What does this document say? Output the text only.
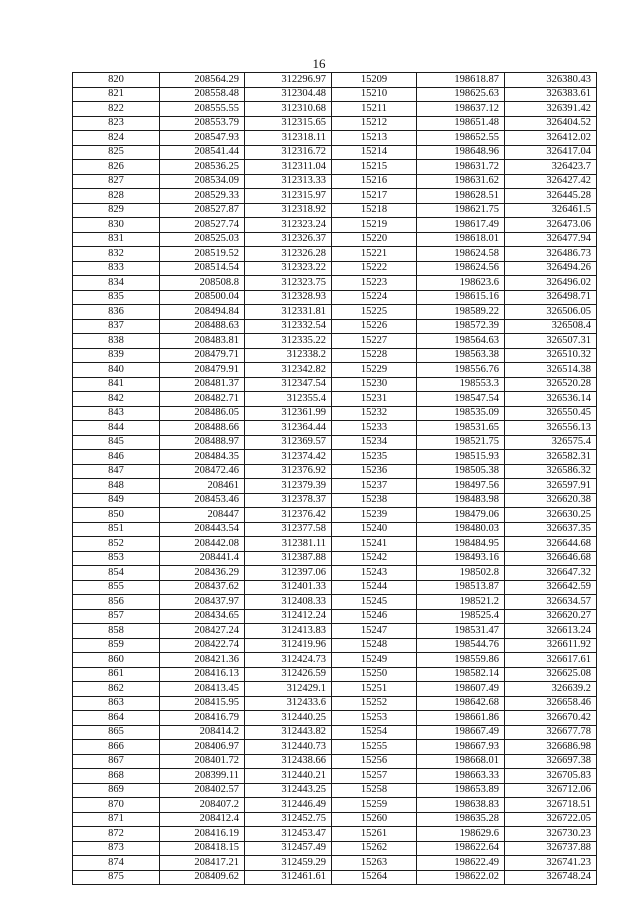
16
820	208564.29	312296.97	15209	198618.87	326380.43
821	208558.48	312304.48	15210	198625.63	326383.61
822	208555.55	312310.68	15211	198637.12	326391.42
823	208553.79	312315.65	15212	198651.48	326404.52
824	208547.93	312318.11	15213	198652.55	326412.02
825	208541.44	312316.72	15214	198648.96	326417.04
826	208536.25	312311.04	15215	198631.72	326423.7
827	208534.09	312313.33	15216	198631.62	326427.42
828	208529.33	312315.97	15217	198628.51	326445.28
829	208527.87	312318.92	15218	198621.75	326461.5
830	208527.74	312323.24	15219	198617.49	326473.06
831	208525.03	312326.37	15220	198618.01	326477.94
832	208519.52	312326.28	15221	198624.58	326486.73
833	208514.54	312323.22	15222	198624.56	326494.26
834	208508.8	312323.75	15223	198623.6	326496.02
835	208500.04	312328.93	15224	198615.16	326498.71
836	208494.84	312331.81	15225	198589.22	326506.05
837	208488.63	312332.54	15226	198572.39	326508.4
838	208483.81	312335.22	15227	198564.63	326507.31
839	208479.71	312338.2	15228	198563.38	326510.32
840	208479.91	312342.82	15229	198556.76	326514.38
841	208481.37	312347.54	15230	198553.3	326520.28
842	208482.71	312355.4	15231	198547.54	326536.14
843	208486.05	312361.99	15232	198535.09	326550.45
844	208488.66	312364.44	15233	198531.65	326556.13
845	208488.97	312369.57	15234	198521.75	326575.4
846	208484.35	312374.42	15235	198515.93	326582.31
847	208472.46	312376.92	15236	198505.38	326586.32
848	208461	312379.39	15237	198497.56	326597.91
849	208453.46	312378.37	15238	198483.98	326620.38
850	208447	312376.42	15239	198479.06	326630.25
851	208443.54	312377.58	15240	198480.03	326637.35
852	208442.08	312381.11	15241	198484.95	326644.68
853	208441.4	312387.88	15242	198493.16	326646.68
854	208436.29	312397.06	15243	198502.8	326647.32
855	208437.62	312401.33	15244	198513.87	326642.59
856	208437.97	312408.33	15245	198521.2	326634.57
857	208434.65	312412.24	15246	198525.4	326620.27
858	208427.24	312413.83	15247	198531.47	326613.24
859	208422.74	312419.96	15248	198544.76	326611.92
860	208421.36	312424.73	15249	198559.86	326617.61
861	208416.13	312426.59	15250	198582.14	326625.08
862	208413.45	312429.1	15251	198607.49	326639.2
863	208415.95	312433.6	15252	198642.68	326658.46
864	208416.79	312440.25	15253	198661.86	326670.42
865	208414.2	312443.82	15254	198667.49	326677.78
866	208406.97	312440.73	15255	198667.93	326686.98
867	208401.72	312438.66	15256	198668.01	326697.38
868	208399.11	312440.21	15257	198663.33	326705.83
869	208402.57	312443.25	15258	198653.89	326712.06
870	208407.2	312446.49	15259	198638.83	326718.51
871	208412.4	312452.75	15260	198635.28	326722.05
872	208416.19	312453.47	15261	198629.6	326730.23
873	208418.15	312457.49	15262	198622.64	326737.88
874	208417.21	312459.29	15263	198622.49	326741.23
875	208409.62	312461.61	15264	198622.02	326748.24
